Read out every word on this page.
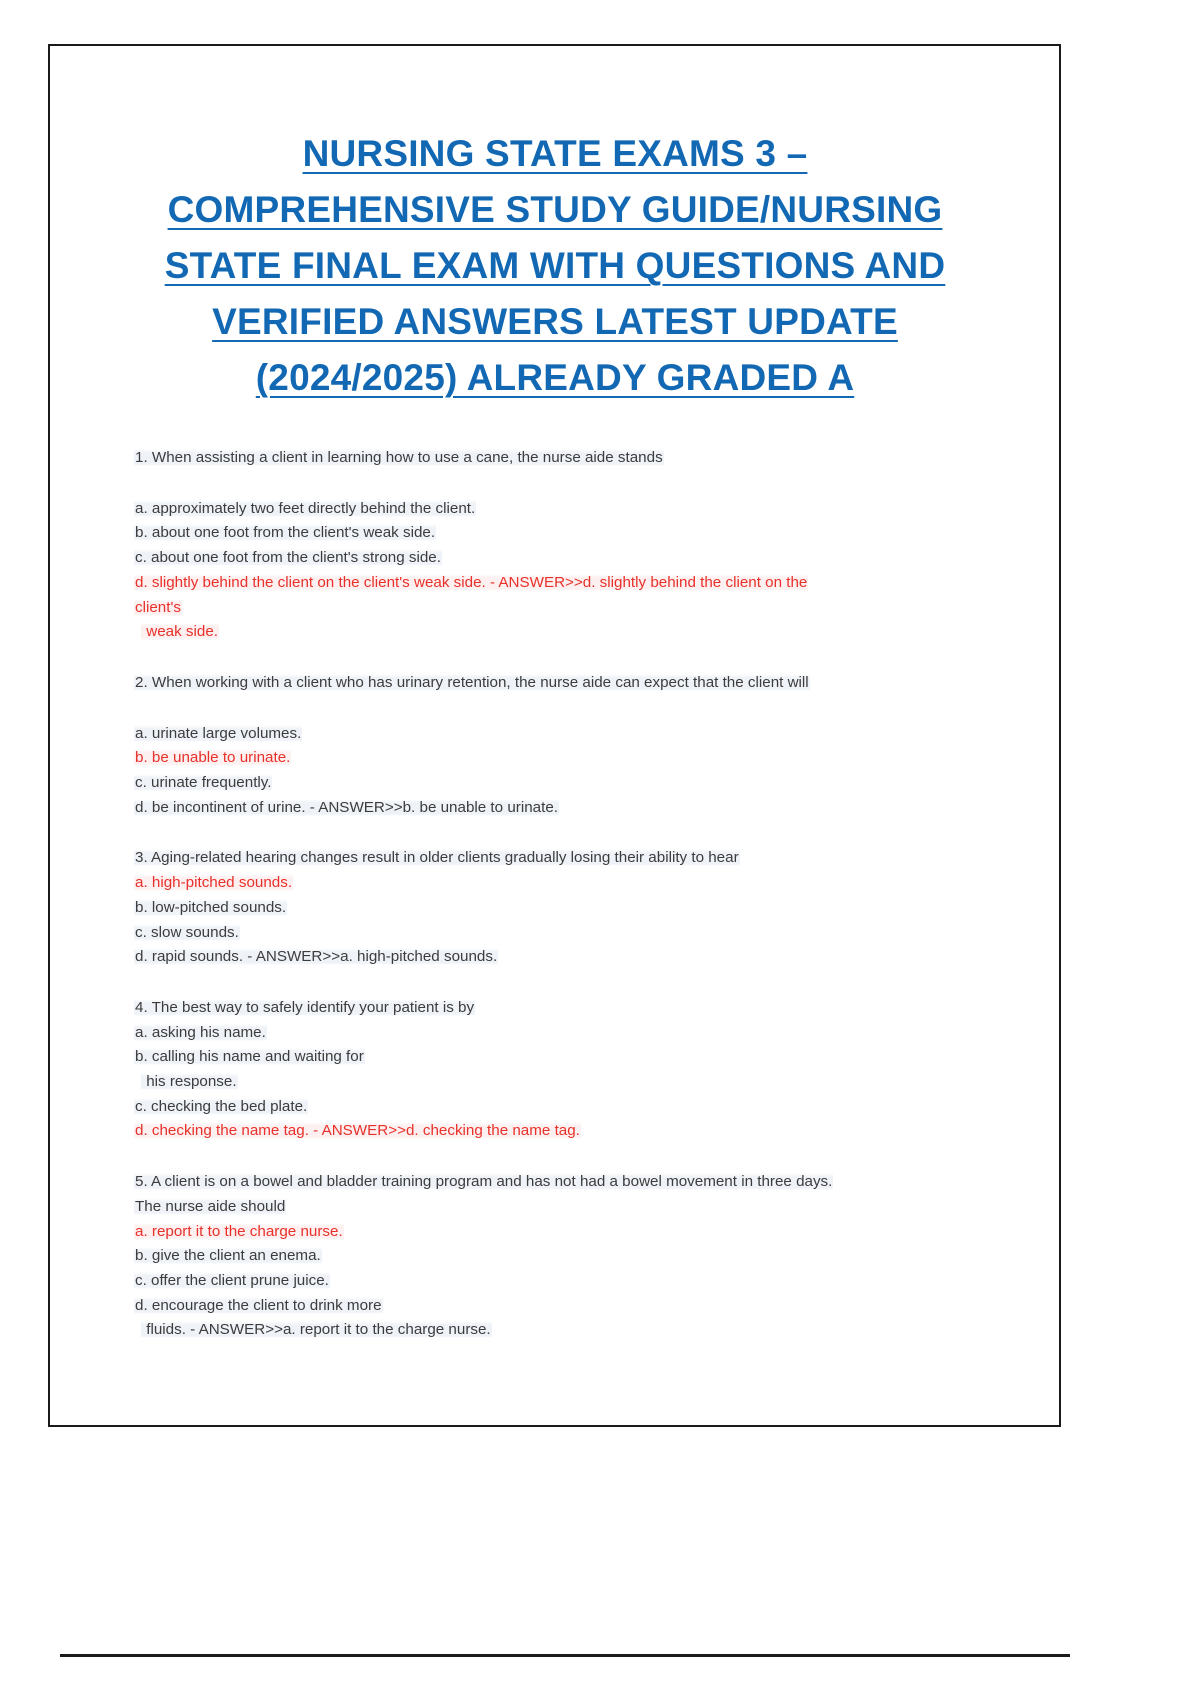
NURSING STATE EXAMS 3 –
COMPREHENSIVE STUDY GUIDE/NURSING
STATE FINAL EXAM WITH QUESTIONS AND
VERIFIED ANSWERS LATEST UPDATE
(2024/2025) ALREADY GRADED A
1. When assisting a client in learning how to use a cane, the nurse aide stands
a. approximately two feet directly behind the client.
b. about one foot from the client's weak side.
c. about one foot from the client's strong side.
d. slightly behind the client on the client's weak side. - ANSWER>>d. slightly behind the client on the
client's
weak side.
2. When working with a client who has urinary retention, the nurse aide can expect that the client will
a. urinate large volumes.
b. be unable to urinate.
c. urinate frequently.
d. be incontinent of urine. - ANSWER>>b. be unable to urinate.
3. Aging-related hearing changes result in older clients gradually losing their ability to hear
a. high-pitched sounds.
b. low-pitched sounds.
c. slow sounds.
d. rapid sounds. - ANSWER>>a. high-pitched sounds.
4. The best way to safely identify your patient is by
a. asking his name.
b. calling his name and waiting for
his response.
c. checking the bed plate.
d. checking the name tag. - ANSWER>>d. checking the name tag.
5. A client is on a bowel and bladder training program and has not had a bowel movement in three days.
The nurse aide should
a. report it to the charge nurse.
b. give the client an enema.
c. offer the client prune juice.
d. encourage the client to drink more
fluids. - ANSWER>>a. report it to the charge nurse.
